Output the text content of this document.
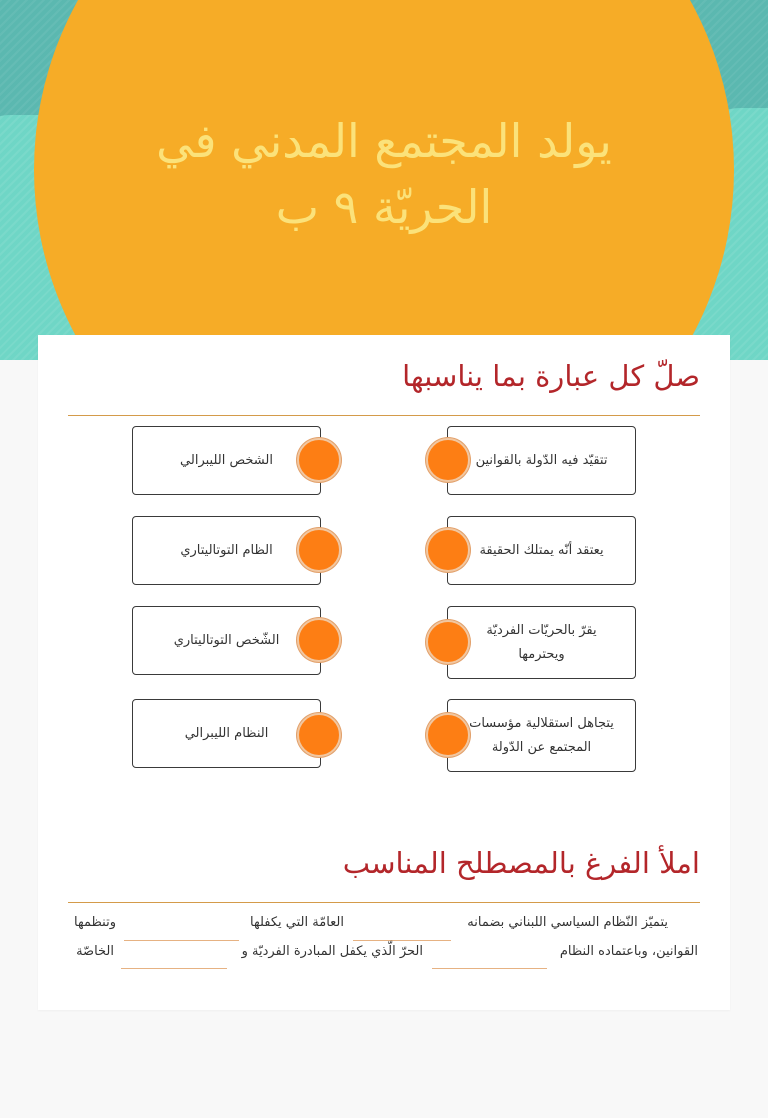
يولد المجتمع المدني في
الحريّة ٩ ب
صلّ كل عبارة بما يناسبها
الشخص الليبرالي
الظام التوتاليتاري
الشّخص التوتاليتاري
النظام الليبرالي
تتقيّد فيه الدّولة بالقوانين
يعتقد أنّه يمتلك الحقيقة
يقرّ بالحريّات الفرديّة ويحترمها
يتجاهل استقلالية مؤسسات المجتمع عن الدّولة
املأ الفرغ بالمصطلح المناسب
يتميّز النّظام السياسي اللبناني بضمانه
العامّة التي يكفلها
وتنظمها
القوانين، وباعتماده النظام
الحرّ الّذي يكفل المبادرة الفرديّة و
الخاصّة
